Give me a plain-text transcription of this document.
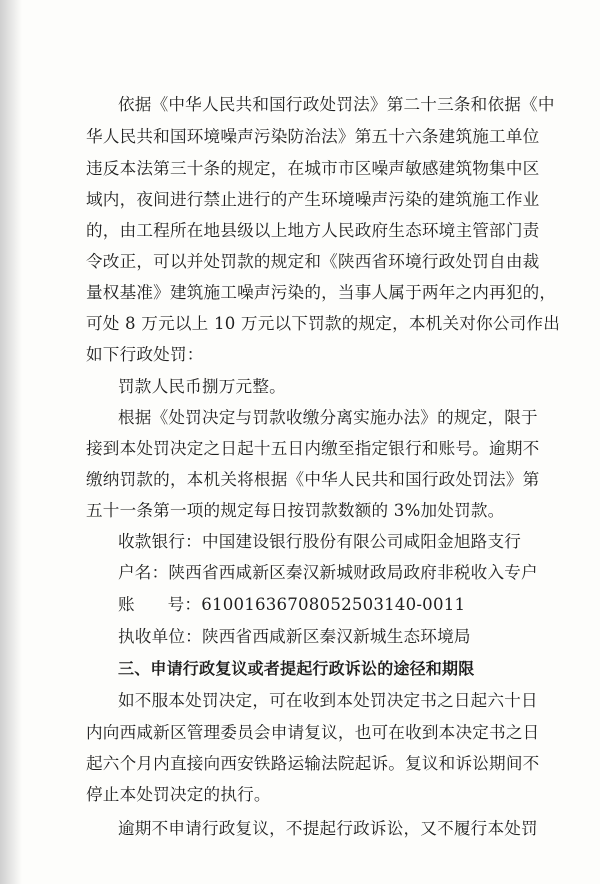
依据《中华人民共和国行政处罚法》第二十三条和依据《中

华人民共和国环境噪声污染防治法》第五十六条建筑施工单位

违反本法第三十条的规定，在城市市区噪声敏感建筑物集中区

域内，夜间进行禁止进行的产生环境噪声污染的建筑施工作业

的，由工程所在地县级以上地方人民政府生态环境主管部门责

令改正，可以并处罚款的规定和《陕西省环境行政处罚自由裁

量权基准》建筑施工噪声污染的，当事人属于两年之内再犯的，

可处 8 万元以上 10 万元以下罚款的规定，本机关对你公司作出

如下行政处罚：

罚款人民币捌万元整。

根据《处罚决定与罚款收缴分离实施办法》的规定，限于

接到本处罚决定之日起十五日内缴至指定银行和账号。逾期不

缴纳罚款的，本机关将根据《中华人民共和国行政处罚法》第

五十一条第一项的规定每日按罚款数额的 3%加处罚款。

收款银行：中国建设银行股份有限公司咸阳金旭路支行

户名：陕西省西咸新区秦汉新城财政局政府非税收入专户

账      号：61001636708052503140-0011

执收单位：陕西省西咸新区秦汉新城生态环境局

三、申请行政复议或者提起行政诉讼的途径和期限

如不服本处罚决定，可在收到本处罚决定书之日起六十日

内向西咸新区管理委员会申请复议，也可在收到本决定书之日

起六个月内直接向西安铁路运输法院起诉。复议和诉讼期间不

停止本处罚决定的执行。

逾期不申请行政复议，不提起行政诉讼，又不履行本处罚
